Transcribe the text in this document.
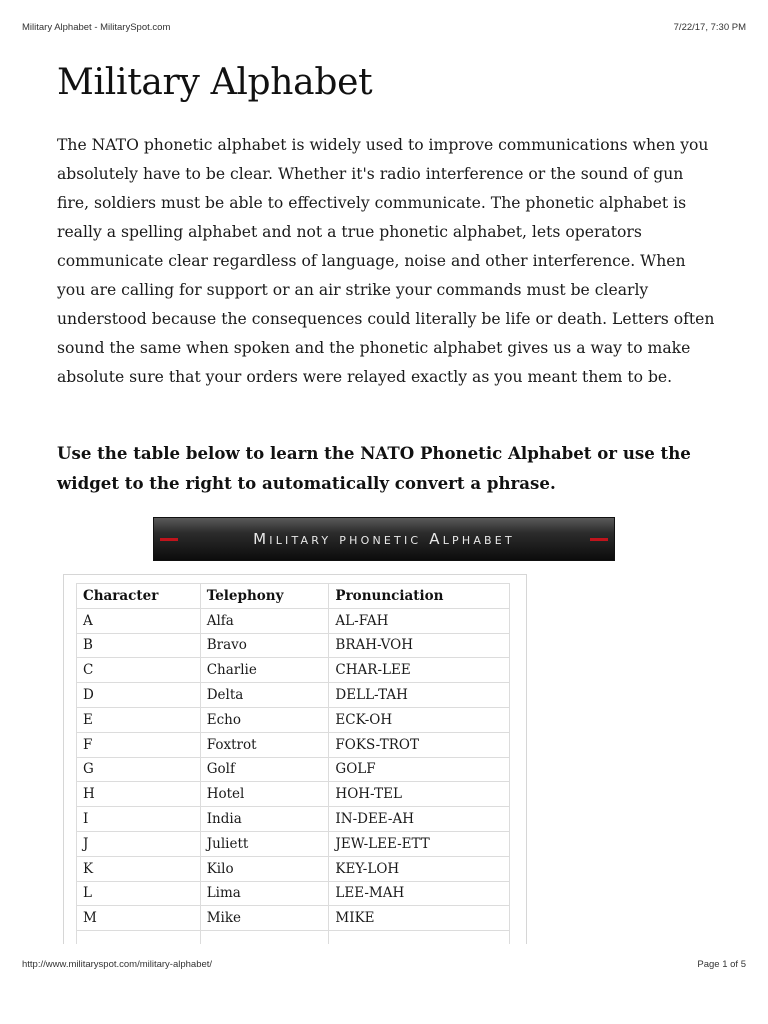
Military Alphabet - MilitarySpot.com	7/22/17, 7:30 PM
Military Alphabet

The NATO phonetic alphabet is widely used to improve communications when you absolutely have to be clear. Whether it's radio interference or the sound of gun fire, soldiers must be able to effectively communicate. The phonetic alphabet is really a spelling alphabet and not a true phonetic alphabet, lets operators communicate clear regardless of language, noise and other interference. When you are calling for support or an air strike your commands must be clearly understood because the consequences could literally be life or death. Letters often sound the same when spoken and the phonetic alphabet gives us a way to make absolute sure that your orders were relayed exactly as you meant them to be.

Use the table below to learn the NATO Phonetic Alphabet or use the widget to the right to automatically convert a phrase.

Military phonetic Alphabet
Character	Telephony	Pronunciation
A	Alfa	AL-FAH
B	Bravo	BRAH-VOH
C	Charlie	CHAR-LEE
D	Delta	DELL-TAH
E	Echo	ECK-OH
F	Foxtrot	FOKS-TROT
G	Golf	GOLF
H	Hotel	HOH-TEL
I	India	IN-DEE-AH
J	Juliett	JEW-LEE-ETT
K	Kilo	KEY-LOH
L	Lima	LEE-MAH
M	Mike	MIKE

http://www.militaryspot.com/military-alphabet/	Page 1 of 5
